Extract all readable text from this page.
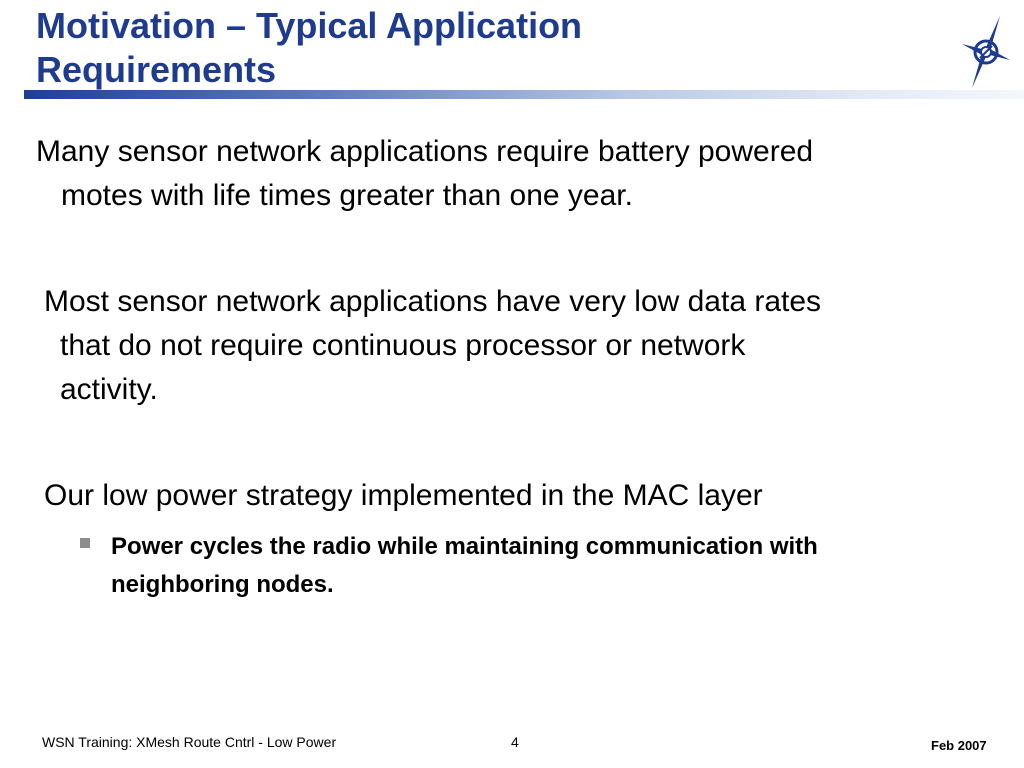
Motivation – Typical Application
Requirements

Many sensor network applications require battery powered
motes with life times greater than one year.

Most sensor network applications have very low data rates
that do not require continuous processor or network
activity.

Our low power strategy implemented in the MAC layer

Power cycles the radio while maintaining communication with
neighboring nodes.
WSN Training: XMesh Route Cntrl - Low Power	4	Feb 2007
